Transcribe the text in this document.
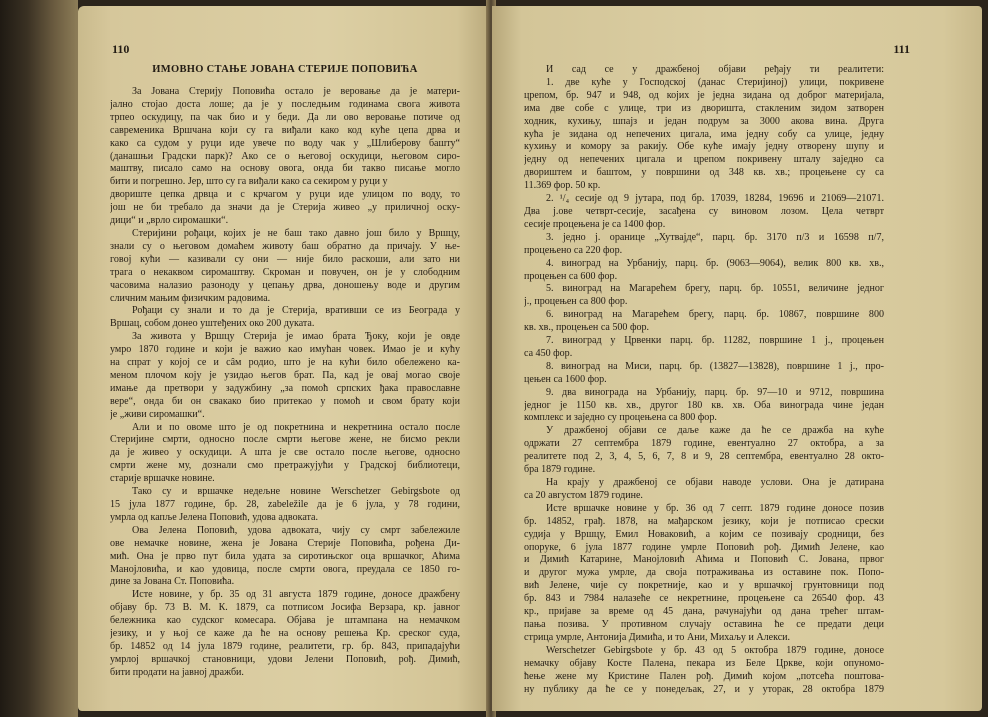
110
ИМОВНО СТАЊЕ ЈОВАНА СТЕРИЈЕ ПОПОВИЋА

За Јована Стерију Поповића остало је веровање да је матери-

јално стојао доста лоше; да је у последњим годинама свога живота

трпео оскудицу, па чак био и у беди. Да ли ово веровање потиче од

савременика Вршчана који су га виђали како код куће цепа дрва и

како са судом у руци иде увече по воду чак у „Шлиберову башту“

(данашњи Градски парк)? Ако се о његовој оскудици, његовом сиро-

маштву, писало само на основу овога, онда би такво писање могло

бити и погрешно. Јер, што су га виђали како са секиром у руци у

двориште цепка дрвца и с крчагом у руци иде улицом по воду, то

још не би требало да значи да је Стерија живео „у приличној оску-

дици“ и „врло сиромашки“.

Стеријини рођаци, којих је не баш тако давно још било у Вршцу,

знали су о његовом домаћем животу баш обратно да причају. У ње-

говој кући — казивали су они — није било раскоши, али зато ни

трага о некаквом сиромаштву. Скроман и повучен, он је у слободним

часовима налазио разоноду у цепању дрва, доношењу воде и другим

сличним мањим физичким радовима.

Рођаци су знали и то да је Стерија, вративши се из Београда у

Вршац, собом донео уштеђених око 200 дуката.

За живота у Вршцу Стерија је имао брата Ђоку, који је овде

умро 1870 године и који је важио као имућан човек. Имао је и кућу

на спрат у којој се и сâм родио, што је на кући било обележено ка-

меном плочом коју је узидао његов брат. Па, кад је овај могао своје

имање да претвори у задужбину „за помоћ српских ђака православне

вере“, онда би он свакако био притекао у помоћ и свом брату који

је „живи сиромашки“.

Али и по овоме што је од покретнина и некретнина остало после

Стеријине смрти, односно после смрти његове жене, не бисмо рекли

да је живео у оскудици. А шта је све остало после његове, односно

смрти жене му, дознали смо претражујући у Градској библиотеци,

старије вршачке новине.

Тако су и вршачке недељне новине Werschetzer Gebirgsbote од

15 јула 1877 године, бр. 28, zabeležile да је 6 јула, у 78 години,

умрла од капље Јелена Поповић, удова адвоката.

Ова Јелена Поповић, удова адвоката, чију су смрт забележиле

ове немачке новине, жена је Јована Стерије Поповића, рођена Ди-

мић. Она је прво пут била удата за сиротињског оца вршачког, Аћима

Манојловића, и као удовица, после смрти овога, преудала се 1850 го-

дине за Јована Ст. Поповића.

Исте новине, у бр. 35 од 31 августа 1879 године, доносе дражбену

објаву бр. 73 В. М. К. 1879, са потписом Јосифа Верзара, кр. јавног

бележника као судског комесара. Објава је штампана на немачком

језику, и у њој се каже да ће на основу решења Кр. среског суда,

бр. 14852 од 14 јула 1879 године, реалитети, гр. бр. 843, припадајући

умрлој вршачкој становници, удови Јелени Поповић, рођ. Димић,

бити продати на јавној дражби.

111

И сад се у дражбеној објави ређају ти реалитети:

1. две куће у Господској (данас Стеријиној) улици, покривене

црепом, бр. 947 и 948, од којих је једна зидана од доброг материјала,

има две собе с улице, три из дворишта, стакленим зидом затворен

ходник, кухињу, шпајз и један подрум за 3000 акова вина. Друга

кућа је зидана од непечених цигала, има једну собу са улице, једну

кухињу и комору за ракију. Обе куће имају једну отворену шупу и

једну од непечених цигала и црепом покривену шталу заједно са

двориштем и баштом, у површини од 348 кв. хв.; процењене су са

11.369 фор. 50 кр.

2. ¹/₄ сесије од 9 јутара, под бр. 17039, 18284, 19696 и 21069—21071.

Два ј.ове четврт-сесије, засађена су виновом лозом. Цела четврт

сесије процењена је са 1400 фор.

3. једно ј. оранице „Хутвајде“, парц. бр. 3170 п/3 и 16598 п/7,

процењено са 220 фор.

4. виноград на Урбанију, парц. бр. (9063—9064), велик 800 кв. хв.,

процењен са 600 фор.

5. виноград на Магарећем брегу, парц. бр. 10551, величине једног

ј., процењен са 800 фор.

6. виноград на Магарећем брегу, парц. бр. 10867, површине 800

кв. хв., процењен са 500 фор.

7. виноград у Црвенки парц. бр. 11282, површине 1 ј., процењен

са 450 фор.

8. виноград на Миси, парц. бр. (13827—13828), површине 1 ј., про-

цењен са 1600 фор.

9. два винограда на Урбанију, парц. бр. 97—10 и 9712, површина

једног је 1150 кв. хв., другог 180 кв. хв. Оба винограда чине један

комплекс и заједно су процењена са 800 фор.

У дражбеној објави се даље каже да ће се дражба на куће

одржати 27 септембра 1879 године, евентуално 27 октобра, а за

реалитете под 2, 3, 4, 5, 6, 7, 8 и 9, 28 септембра, евентуално 28 окто-

бра 1879 године.

На крају у дражбеној се објави наводе услови. Она је датирана

са 20 августом 1879 године.

Исте вршачке новине у бр. 36 од 7 септ. 1879 године доносе позив

бр. 14852, грађ. 1878, на мађарском језику, који је потписао срески

судија у Вршцу, Емил Новаковић, а којим се позивају сродници, без

опоруке, 6 јула 1877 године умрле Поповић рођ. Димић Јелене, као

и Димић Катарине, Манојловић Аћима и Поповић С. Јована, првог

и другог мужа умрле, да своја потраживања из оставине пок. Попо-

вић Јелене, чије су покретније, као и у вршачкој грунтовници под

бр. 843 и 7984 налазеће се некретнине, процењене са 26540 фор. 43

кр., пријаве за време од 45 дана, рачунајући од дана трећег штам-

пања позива. У противном случају оставина ће се предати деци

стрица умрле, Антонија Димића, и то Ани, Михаљу и Алекси.

Werschetzer Gebirgsbote у бр. 43 од 5 октобра 1879 године, доносе

немачку објаву Косте Палена, пекара из Беле Цркве, који опуномо-

ћење жене му Кристине Пален рођ. Димић којом „потсећа поштова-

ну публику да ће се у понедељак, 27, и у уторак, 28 октобра 1879
